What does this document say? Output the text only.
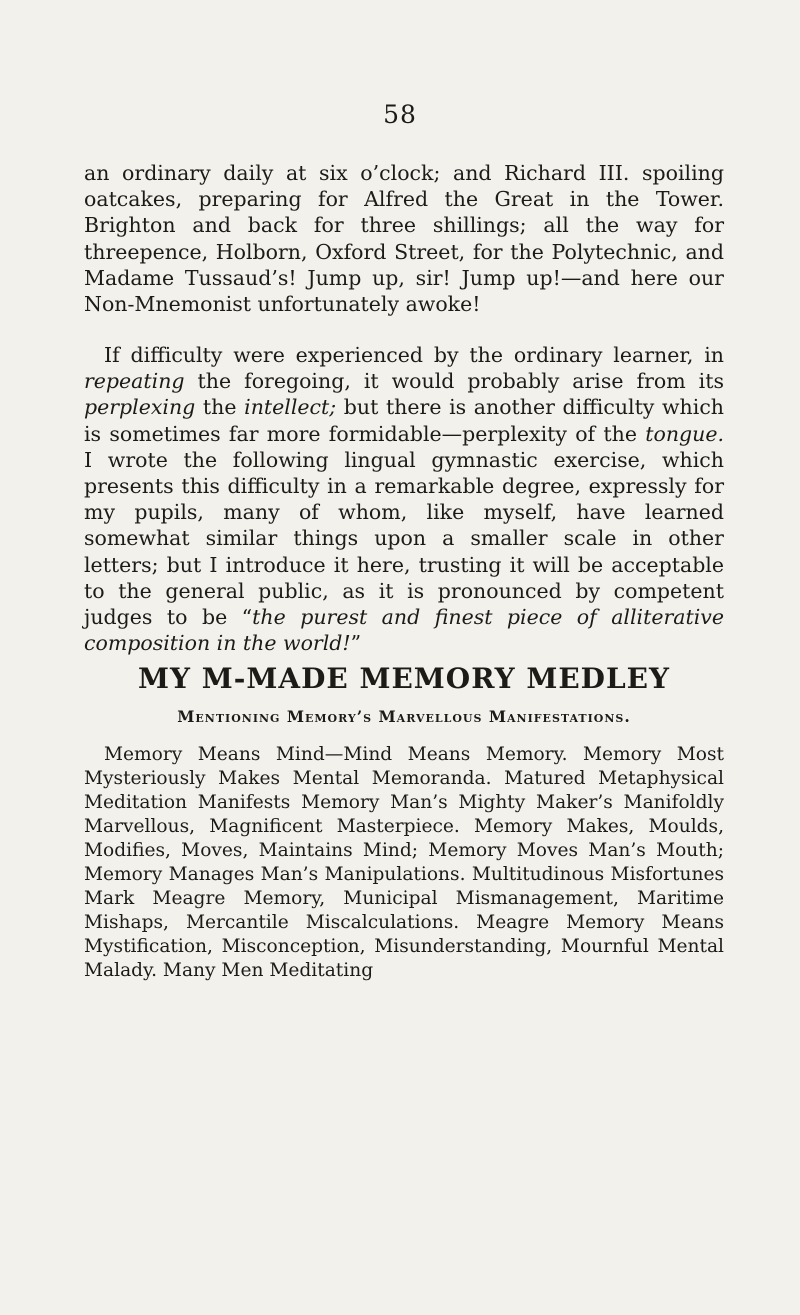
58

an ordinary daily at six o’clock; and Richard III. spoiling oatcakes, preparing for Alfred the Great in the Tower. Brighton and back for three shillings; all the way for threepence, Holborn, Oxford Street, for the Polytechnic, and Madame Tussaud’s! Jump up, sir! Jump up!—and here our Non-Mnemonist unfortunately awoke!

If difficulty were experienced by the ordinary learner, in repeating the foregoing, it would probably arise from its perplexing the intellect; but there is another difficulty which is sometimes far more formidable—perplexity of the tongue. I wrote the following lingual gymnastic exercise, which presents this difficulty in a remarkable degree, expressly for my pupils, many of whom, like myself, have learned somewhat similar things upon a smaller scale in other letters; but I introduce it here, trusting it will be acceptable to the general public, as it is pronounced by competent judges to be “the purest and finest piece of alliterative composition in the world!”

MY M-MADE MEMORY MEDLEY
Mentioning Memory’s Marvellous Manifestations.

Memory Means Mind—Mind Means Memory. Memory Most Mysteriously Makes Mental Memoranda. Matured Metaphysical Meditation Manifests Memory Man’s Mighty Maker’s Manifoldly Marvellous, Magnificent Masterpiece. Memory Makes, Moulds, Modifies, Moves, Maintains Mind; Memory Moves Man’s Mouth; Memory Manages Man’s Manipulations. Multitudinous Misfortunes Mark Meagre Memory, Municipal Mismanagement, Maritime Mishaps, Mercantile Miscalculations. Meagre Memory Means Mystification, Misconception, Misunderstanding, Mournful Mental Malady. Many Men Meditating
